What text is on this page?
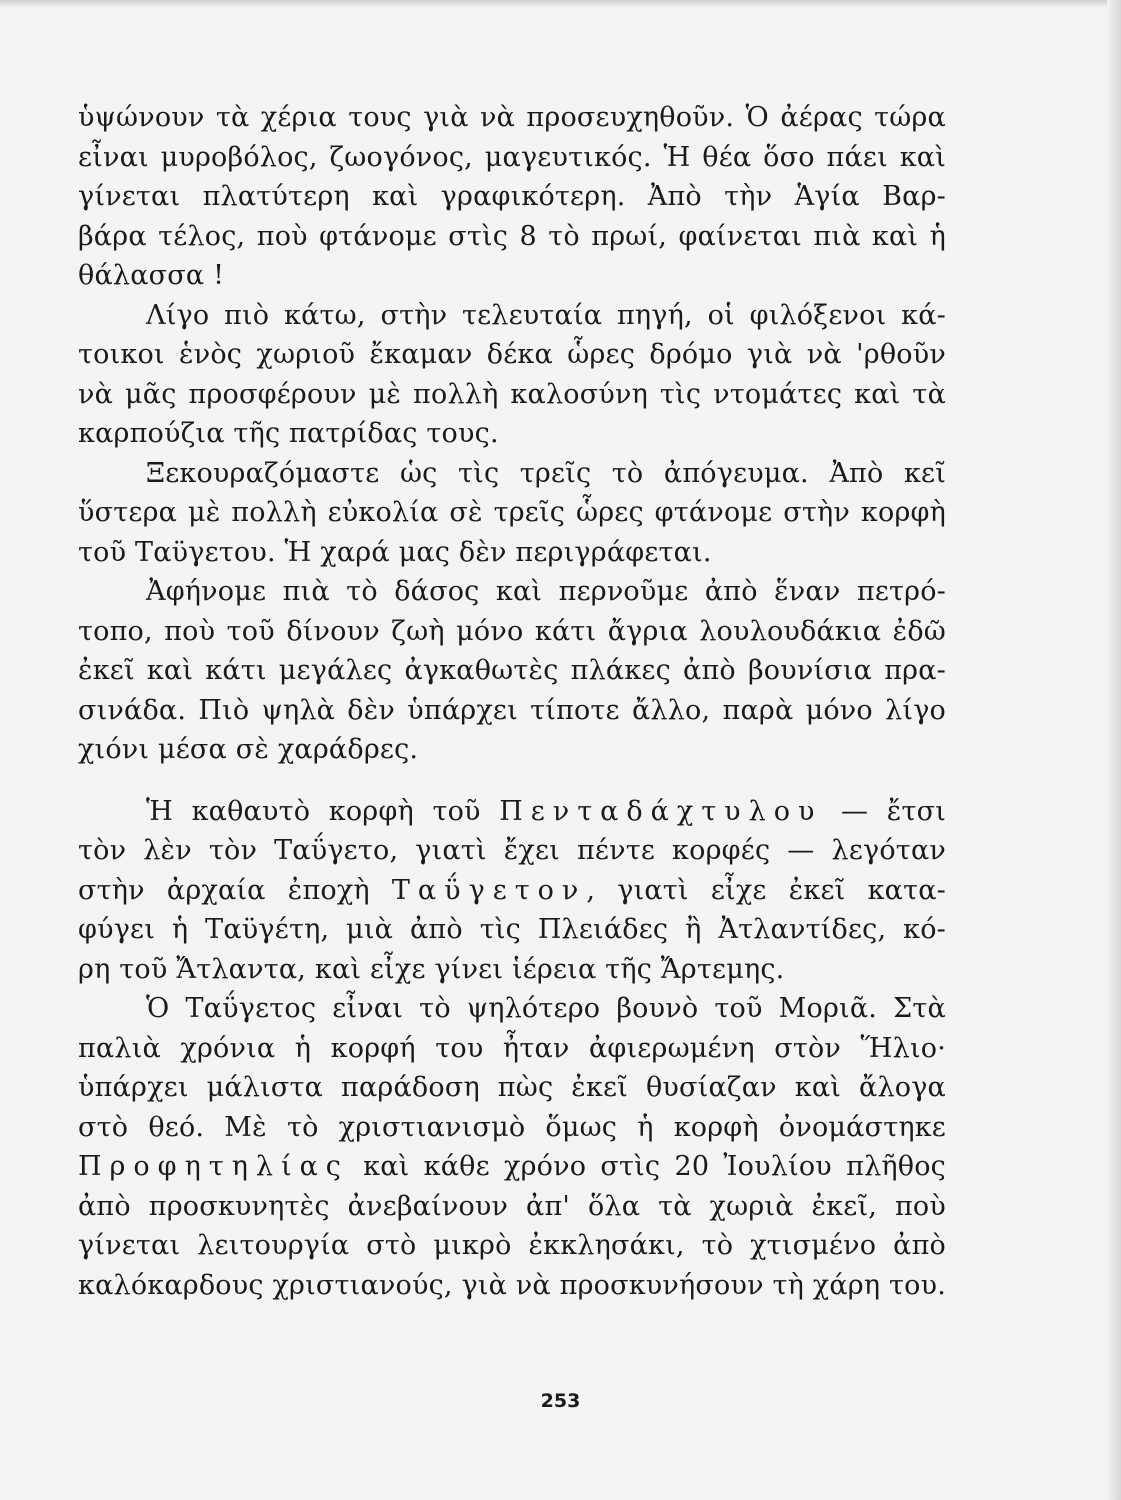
ὑψώνουν τὰ χέρια τους γιὰ νὰ προσευχηθοῦν. Ὁ ἀέρας τώρα
εἶναι μυροβόλος, ζωογόνος, μαγευτικός. Ἡ θέα ὅσο πάει καὶ
γίνεται πλατύτερη καὶ γραφικότερη. Ἀπὸ τὴν Ἁγία Βαρ-
βάρα τέλος, ποὺ φτάνομε στὶς 8 τὸ πρωί, φαίνεται πιὰ καὶ ἡ
θάλασσα !
Λίγο πιὸ κάτω, στὴν τελευταία πηγή, οἱ φιλόξενοι κά-
τοικοι ἑνὸς χωριοῦ ἔκαμαν δέκα ὧρες δρόμο γιὰ νὰ 'ρθοῦν
νὰ μᾶς προσφέρουν μὲ πολλὴ καλοσύνη τὶς ντομάτες καὶ τὰ
καρπούζια τῆς πατρίδας τους.
Ξεκουραζόμαστε ὡς τὶς τρεῖς τὸ ἀπόγευμα. Ἀπὸ κεῖ
ὕστερα μὲ πολλὴ εὐκολία σὲ τρεῖς ὧρες φτάνομε στὴν κορφὴ
τοῦ Ταϋγετου. Ἡ χαρά μας δὲν περιγράφεται.
Ἀφήνομε πιὰ τὸ δάσος καὶ περνοῦμε ἀπὸ ἕναν πετρό-
τοπο, ποὺ τοῦ δίνουν ζωὴ μόνο κάτι ἄγρια λουλουδάκια ἐδῶ
ἐκεῖ καὶ κάτι μεγάλες ἀγκαθωτὲς πλάκες ἀπὸ βουνίσια πρα-
σινάδα. Πιὸ ψηλὰ δὲν ὑπάρχει τίποτε ἄλλο, παρὰ μόνο λίγο
χιόνι μέσα σὲ χαράδρες.
Ἡ καθαυτὸ κορφὴ τοῦ Πενταδάχτυλου — ἔτσι
τὸν λὲν τὸν Ταΰγετο, γιατὶ ἔχει πέντε κορφές — λεγόταν
στὴν ἀρχαία ἐποχὴ Ταΰγετον, γιατὶ εἶχε ἐκεῖ κατα-
φύγει ἡ Ταϋγέτη, μιὰ ἀπὸ τὶς Πλειάδες ἢ Ἀτλαντίδες, κό-
ρη τοῦ Ἄτλαντα, καὶ εἶχε γίνει ἱέρεια τῆς Ἄρτεμης.
Ὁ Ταΰγετος εἶναι τὸ ψηλότερο βουνὸ τοῦ Μοριᾶ. Στὰ
παλιὰ χρόνια ἡ κορφή του ἦταν ἀφιερωμένη στὸν Ἥλιο·
ὑπάρχει μάλιστα παράδοση πὼς ἐκεῖ θυσίαζαν καὶ ἄλογα
στὸ θεό. Μὲ τὸ χριστιανισμὸ ὅμως ἡ κορφὴ ὀνομάστηκε
Προφητηλίας καὶ κάθε χρόνο στὶς 20 Ἰουλίου πλῆθος
ἀπὸ προσκυνητὲς ἀνεβαίνουν ἀπ' ὅλα τὰ χωριὰ ἐκεῖ, ποὺ
γίνεται λειτουργία στὸ μικρὸ ἐκκλησάκι, τὸ χτισμένο ἀπὸ
καλόκαρδους χριστιανούς, γιὰ νὰ προσκυνήσουν τὴ χάρη του.
253
